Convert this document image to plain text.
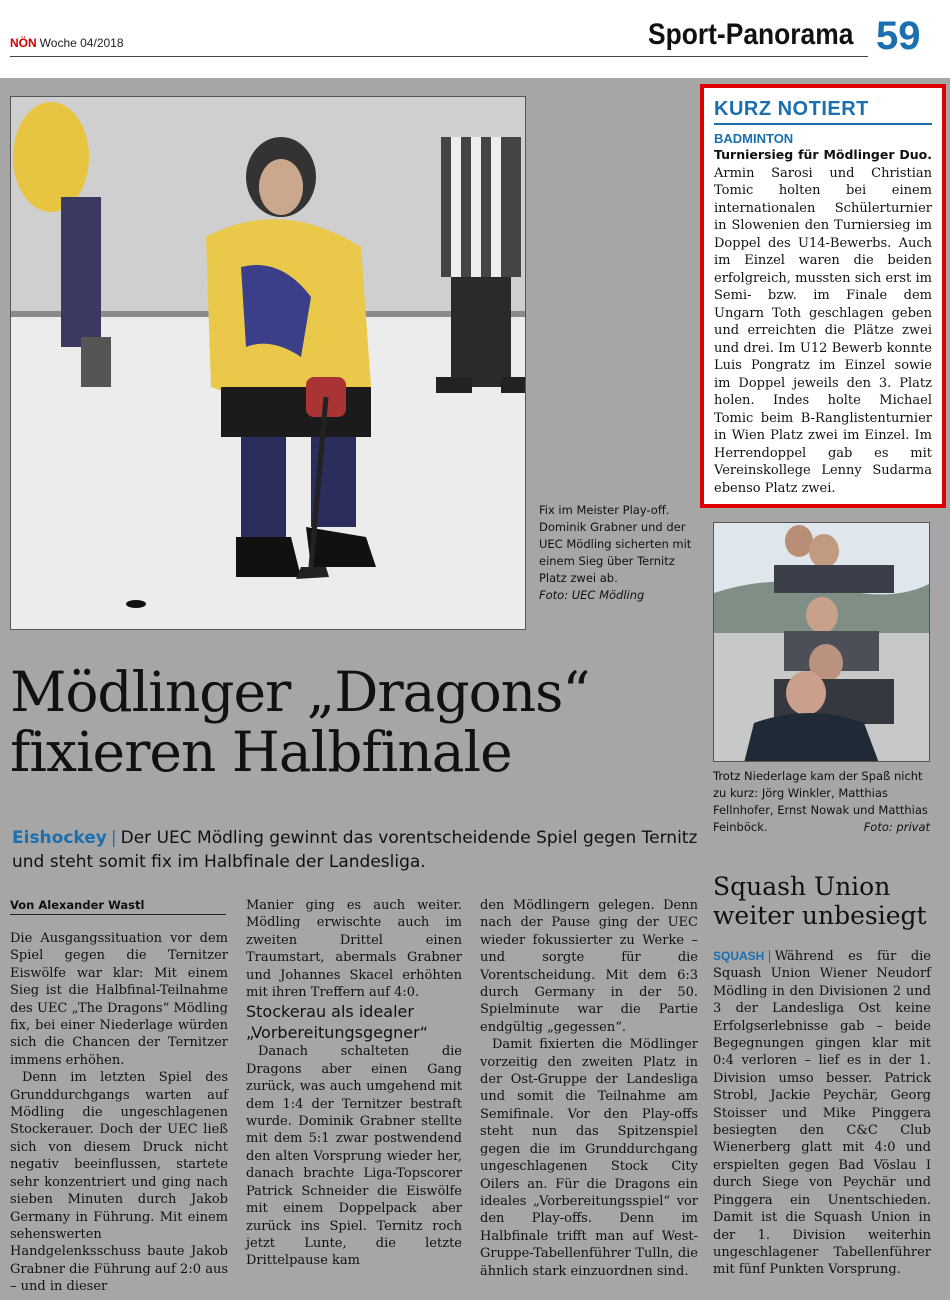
NÖN Woche 04/2018	Sport-Panorama 59
Fix im Meister Play-off. Dominik Grabner und der UEC Mödling sicherten mit einem Sieg über Ternitz Platz zwei ab.
Foto: UEC Mödling
KURZ NOTIERT
BADMINTON
Turniersieg für Mödlinger Duo. Armin Sarosi und Christian Tomic holten bei einem internationalen Schülerturnier in Slowenien den Turniersieg im Doppel des U14-Bewerbs. Auch im Einzel waren die beiden erfolgreich, mussten sich erst im Semi- bzw. im Finale dem Ungarn Toth geschlagen geben und erreichten die Plätze zwei und drei. Im U12 Bewerb konnte Luis Pongratz im Einzel sowie im Doppel jeweils den 3. Platz holen. Indes holte Michael Tomic beim B-Ranglistenturnier in Wien Platz zwei im Einzel. Im Herrendoppel gab es mit Vereinskollege Lenny Sudarma ebenso Platz zwei.
Trotz Niederlage kam der Spaß nicht zu kurz: Jörg Winkler, Matthias Fellnhofer, Ernst Nowak und Matthias Feinböck.	Foto: privat
Mödlinger „Dragons“ fixieren Halbfinale
Eishockey | Der UEC Mödling gewinnt das vorentscheidende Spiel gegen Ternitz und steht somit fix im Halbfinale der Landesliga.
Von Alexander Wastl

Die Ausgangssituation vor dem Spiel gegen die Ternitzer Eiswölfe war klar: Mit einem Sieg ist die Halbfinal-Teilnahme des UEC „The Dragons“ Mödling fix, bei einer Niederlage würden sich die Chancen der Ternitzer immens erhöhen.

Denn im letzten Spiel des Grunddurchgangs warten auf Mödling die ungeschlagenen Stockerauer. Doch der UEC ließ sich von diesem Druck nicht negativ beeinflussen, startete sehr konzentriert und ging nach sieben Minuten durch Jakob Germany in Führung. Mit einem sehenswerten Handgelenksschuss baute Jakob Grabner die Führung auf 2:0 aus – und in dieser

Manier ging es auch weiter. Mödling erwischte auch im zweiten Drittel einen Traumstart, abermals Grabner und Johannes Skacel erhöhten mit ihren Treffern auf 4:0.

Stockerau als idealer „Vorbereitungsgegner“

Danach schalteten die Dragons aber einen Gang zurück, was auch umgehend mit dem 1:4 der Ternitzer bestraft wurde. Dominik Grabner stellte mit dem 5:1 zwar postwendend den alten Vorsprung wieder her, danach brachte Liga-Topscorer Patrick Schneider die Eiswölfe mit einem Doppelpack aber zurück ins Spiel. Ternitz roch jetzt Lunte, die letzte Drittelpause kam

den Mödlingern gelegen. Denn nach der Pause ging der UEC wieder fokussierter zu Werke – und sorgte für die Vorentscheidung. Mit dem 6:3 durch Germany in der 50. Spielminute war die Partie endgültig „gegessen“.

Damit fixierten die Mödlinger vorzeitig den zweiten Platz in der Ost-Gruppe der Landesliga und somit die Teilnahme am Semifinale. Vor den Play-offs steht nun das Spitzenspiel gegen die im Grunddurchgang ungeschlagenen Stock City Oilers an. Für die Dragons ein ideales „Vorbereitungsspiel“ vor den Play-offs. Denn im Halbfinale trifft man auf West-Gruppe-Tabellenführer Tulln, die ähnlich stark einzuordnen sind.

Squash Union weiter unbesiegt
SQUASH | Während es für die Squash Union Wiener Neudorf Mödling in den Divisionen 2 und 3 der Landesliga Ost keine Erfolgserlebnisse gab – beide Begegnungen gingen klar mit 0:4 verloren – lief es in der 1. Division umso besser. Patrick Strobl, Jackie Peychär, Georg Stoisser und Mike Pinggera besiegten den C&C Club Wienerberg glatt mit 4:0 und erspielten gegen Bad Vöslau I durch Siege von Peychär und Pinggera ein Unentschieden. Damit ist die Squash Union in der 1. Division weiterhin ungeschlagener Tabellenführer mit fünf Punkten Vorsprung.
